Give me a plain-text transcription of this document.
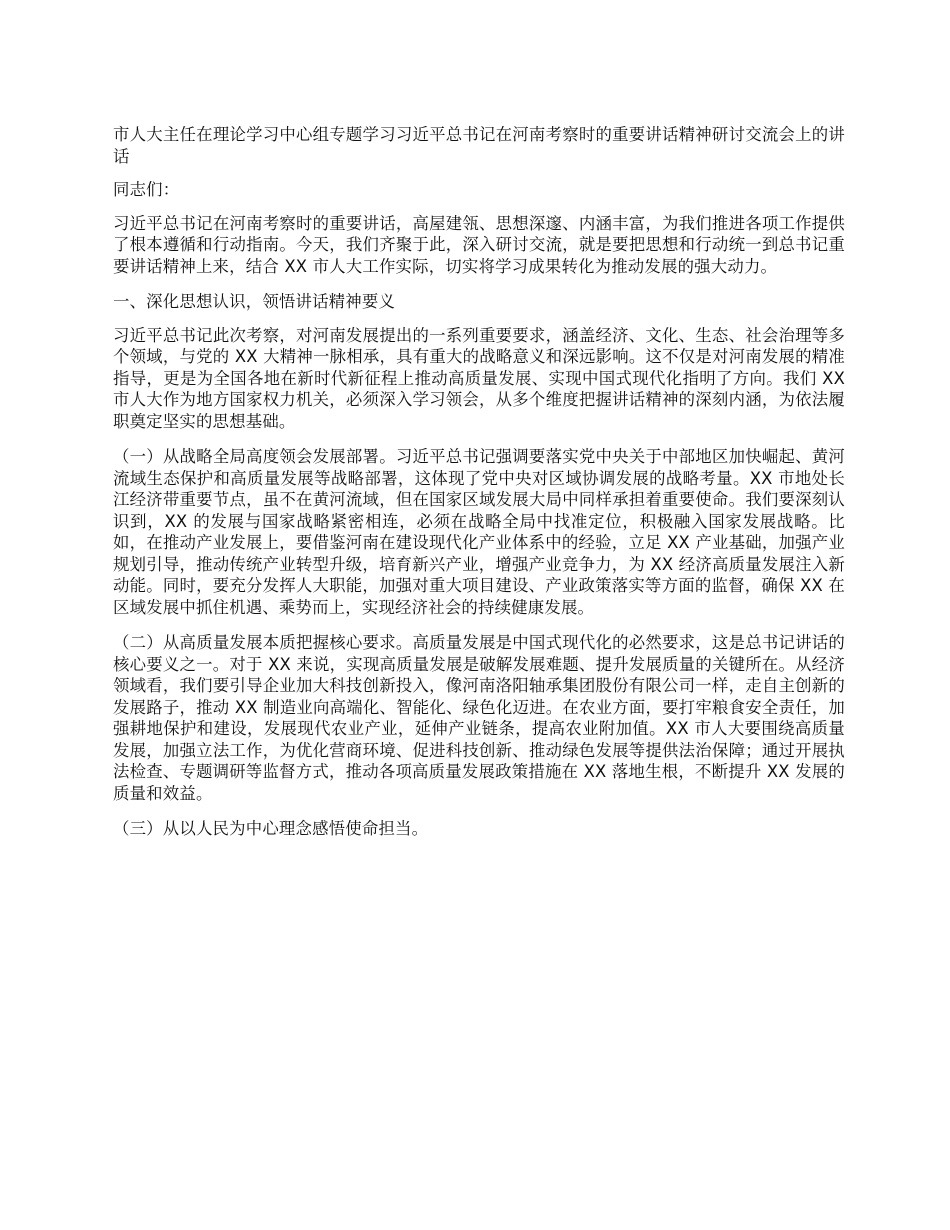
市人大主任在理论学习中心组专题学习习近平总书记在河南考察时的重要讲话精神研讨交流会上的讲话

同志们：

习近平总书记在河南考察时的重要讲话，高屋建瓴、思想深邃、内涵丰富，为我们推进各项工作提供了根本遵循和行动指南。今天，我们齐聚于此，深入研讨交流，就是要把思想和行动统一到总书记重要讲话精神上来，结合 XX 市人大工作实际，切实将学习成果转化为推动发展的强大动力。

一、深化思想认识，领悟讲话精神要义

习近平总书记此次考察，对河南发展提出的一系列重要要求，涵盖经济、文化、生态、社会治理等多个领域，与党的 XX 大精神一脉相承，具有重大的战略意义和深远影响。这不仅是对河南发展的精准指导，更是为全国各地在新时代新征程上推动高质量发展、实现中国式现代化指明了方向。我们 XX 市人大作为地方国家权力机关，必须深入学习领会，从多个维度把握讲话精神的深刻内涵，为依法履职奠定坚实的思想基础。

（一）从战略全局高度领会发展部署。习近平总书记强调要落实党中央关于中部地区加快崛起、黄河流域生态保护和高质量发展等战略部署，这体现了党中央对区域协调发展的战略考量。XX 市地处长江经济带重要节点，虽不在黄河流域，但在国家区域发展大局中同样承担着重要使命。我们要深刻认识到，XX 的发展与国家战略紧密相连，必须在战略全局中找准定位，积极融入国家发展战略。比如，在推动产业发展上，要借鉴河南在建设现代化产业体系中的经验，立足 XX 产业基础，加强产业规划引导，推动传统产业转型升级，培育新兴产业，增强产业竞争力，为 XX 经济高质量发展注入新动能。同时，要充分发挥人大职能，加强对重大项目建设、产业政策落实等方面的监督，确保 XX 在区域发展中抓住机遇、乘势而上，实现经济社会的持续健康发展。

（二）从高质量发展本质把握核心要求。高质量发展是中国式现代化的必然要求，这是总书记讲话的核心要义之一。对于 XX 来说，实现高质量发展是破解发展难题、提升发展质量的关键所在。从经济领域看，我们要引导企业加大科技创新投入，像河南洛阳轴承集团股份有限公司一样，走自主创新的发展路子，推动 XX 制造业向高端化、智能化、绿色化迈进。在农业方面，要打牢粮食安全责任，加强耕地保护和建设，发展现代农业产业，延伸产业链条，提高农业附加值。XX 市人大要围绕高质量发展，加强立法工作，为优化营商环境、促进科技创新、推动绿色发展等提供法治保障；通过开展执法检查、专题调研等监督方式，推动各项高质量发展政策措施在 XX 落地生根，不断提升 XX 发展的质量和效益。

（三）从以人民为中心理念感悟使命担当。
